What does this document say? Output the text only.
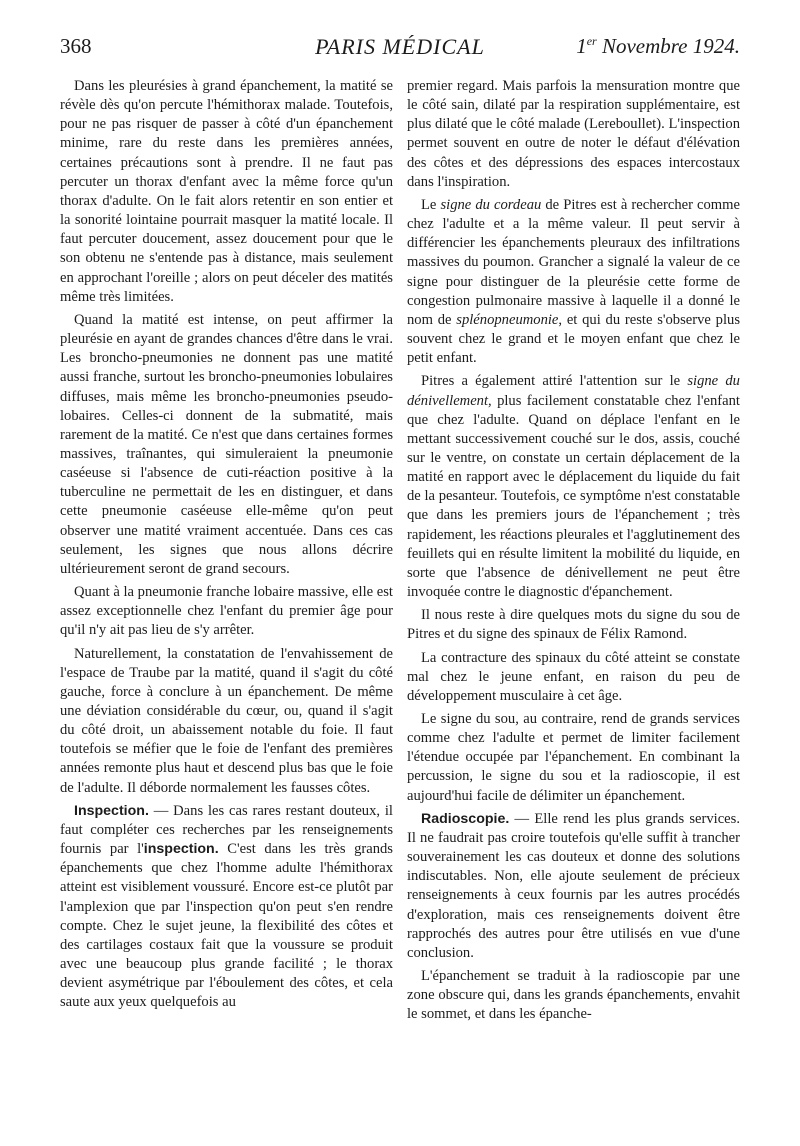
368	PARIS MÉDICAL	1er Novembre 1924.

Dans les pleurésies à grand épanchement, la matité se révèle dès qu'on percute l'hémithorax malade. Toutefois, pour ne pas risquer de passer à côté d'un épanchement minime, rare du reste dans les premières années, certaines précautions sont à prendre. Il ne faut pas percuter un thorax d'enfant avec la même force qu'un thorax d'adulte. On le fait alors retentir en son entier et la sonorité lointaine pourrait masquer la matité locale. Il faut percuter doucement, assez doucement pour que le son obtenu ne s'entende pas à distance, mais seulement en approchant l'oreille ; alors on peut déceler des matités même très limitées.

Quand la matité est intense, on peut affirmer la pleurésie en ayant de grandes chances d'être dans le vrai. Les broncho-pneumonies ne donnent pas une matité aussi franche, surtout les broncho-pneumonies lobulaires diffuses, mais même les broncho-pneumonies pseudo-lobaires. Celles-ci donnent de la submatité, mais rarement de la matité. Ce n'est que dans certaines formes massives, traînantes, qui simuleraient la pneumonie caséeuse si l'absence de cuti-réaction positive à la tuberculine ne permettait de les en distinguer, et dans cette pneumonie caséeuse elle-même qu'on peut observer une matité vraiment accentuée. Dans ces cas seulement, les signes que nous allons décrire ultérieurement seront de grand secours.

Quant à la pneumonie franche lobaire massive, elle est assez exceptionnelle chez l'enfant du premier âge pour qu'il n'y ait pas lieu de s'y arrêter.

Naturellement, la constatation de l'envahissement de l'espace de Traube par la matité, quand il s'agit du côté gauche, force à conclure à un épanchement. De même une déviation considérable du cœur, ou, quand il s'agit du côté droit, un abaissement notable du foie. Il faut toutefois se méfier que le foie de l'enfant des premières années remonte plus haut et descend plus bas que le foie de l'adulte. Il déborde normalement les fausses côtes.

Inspection. — Dans les cas rares restant douteux, il faut compléter ces recherches par les renseignements fournis par l'inspection. C'est dans les très grands épanchements que chez l'homme adulte l'hémithorax atteint est visiblement voussuré. Encore est-ce plutôt par l'amplexion que par l'inspection qu'on peut s'en rendre compte. Chez le sujet jeune, la flexibilité des côtes et des cartilages costaux fait que la voussure se produit avec une beaucoup plus grande facilité ; le thorax devient asymétrique par l'éboulement des côtes, et cela saute aux yeux quelquefois au

premier regard. Mais parfois la mensuration montre que le côté sain, dilaté par la respiration supplémentaire, est plus dilaté que le côté malade (Lereboullet). L'inspection permet souvent en outre de noter le défaut d'élévation des côtes et des dépressions des espaces intercostaux dans l'inspiration.

Le signe du cordeau de Pitres est à rechercher comme chez l'adulte et a la même valeur. Il peut servir à différencier les épanchements pleuraux des infiltrations massives du poumon. Grancher a signalé la valeur de ce signe pour distinguer de la pleurésie cette forme de congestion pulmonaire massive à laquelle il a donné le nom de splénopneumonie, et qui du reste s'observe plus souvent chez le grand et le moyen enfant que chez le petit enfant.

Pitres a également attiré l'attention sur le signe du dénivellement, plus facilement constatable chez l'enfant que chez l'adulte. Quand on déplace l'enfant en le mettant successivement couché sur le dos, assis, couché sur le ventre, on constate un certain déplacement de la matité en rapport avec le déplacement du liquide du fait de la pesanteur. Toutefois, ce symptôme n'est constatable que dans les premiers jours de l'épanchement ; très rapidement, les réactions pleurales et l'agglutinement des feuillets qui en résulte limitent la mobilité du liquide, en sorte que l'absence de dénivellement ne peut être invoquée contre le diagnostic d'épanchement.

Il nous reste à dire quelques mots du signe du sou de Pitres et du signe des spinaux de Félix Ramond.

La contracture des spinaux du côté atteint se constate mal chez le jeune enfant, en raison du peu de développement musculaire à cet âge.

Le signe du sou, au contraire, rend de grands services comme chez l'adulte et permet de limiter facilement l'étendue occupée par l'épanchement. En combinant la percussion, le signe du sou et la radioscopie, il est aujourd'hui facile de délimiter un épanchement.

Radioscopie. — Elle rend les plus grands services. Il ne faudrait pas croire toutefois qu'elle suffit à trancher souverainement les cas douteux et donne des solutions indiscutables. Non, elle ajoute seulement de précieux renseignements à ceux fournis par les autres procédés d'exploration, mais ces renseignements doivent être rapprochés des autres pour être utilisés en vue d'une conclusion.

L'épanchement se traduit à la radioscopie par une zone obscure qui, dans les grands épanchements, envahit le sommet, et dans les épanche-
